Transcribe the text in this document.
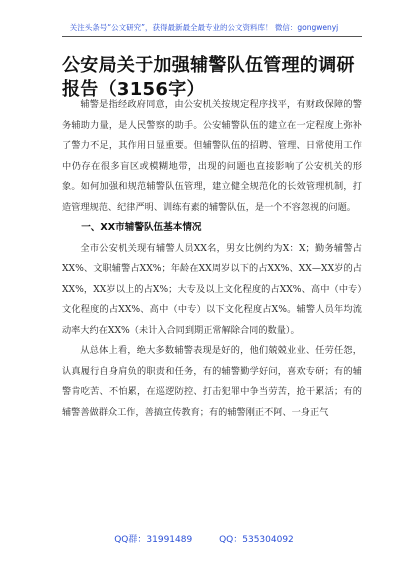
关注头条号“公文研究”，获得最新最全最专业的公文资料库！ 微信：gongwenyj
公安局关于加强辅警队伍管理的调研报告（3156字）

辅警是指经政府同意，由公安机关按规定程序找平，有财政保障的警务辅助力量，是人民警察的助手。公安辅警队伍的建立在一定程度上弥补了警力不足，其作用日显重要。但辅警队伍的招聘、管理、日常使用工作中仍存在很多盲区或模糊地带，出现的问题也直接影响了公安机关的形象。如何加强和规范辅警队伍管理，建立健全规范化的长效管理机制，打造管理规范、纪律严明、训练有素的辅警队伍，是一个不容忽视的问题。

一、XX市辅警队伍基本情况

全市公安机关现有辅警人员XX名，男女比例约为X：X；勤务辅警占XX%、文职辅警占XX%；年龄在XX周岁以下的占XX%、XX—XX岁的占XX%，XX岁以上的占X%；大专及以上文化程度的占XX%、高中（中专）文化程度的占XX%、高中（中专）以下文化程度占X%。辅警人员年均流动率大约在XX%（未计入合同到期正常解除合同的数量）。

从总体上看，绝大多数辅警表现是好的，他们兢兢业业、任劳任怨，认真履行自身肩负的职责和任务，有的辅警勤学好问，喜欢专研；有的辅警肯吃苦、不怕累，在巡逻防控、打击犯罪中争当劳苦，抢干累活；有的辅警善做群众工作，善搞宣传教育；有的辅警刚正不阿、一身正气

QQ群：31991489	QQ：535304092
